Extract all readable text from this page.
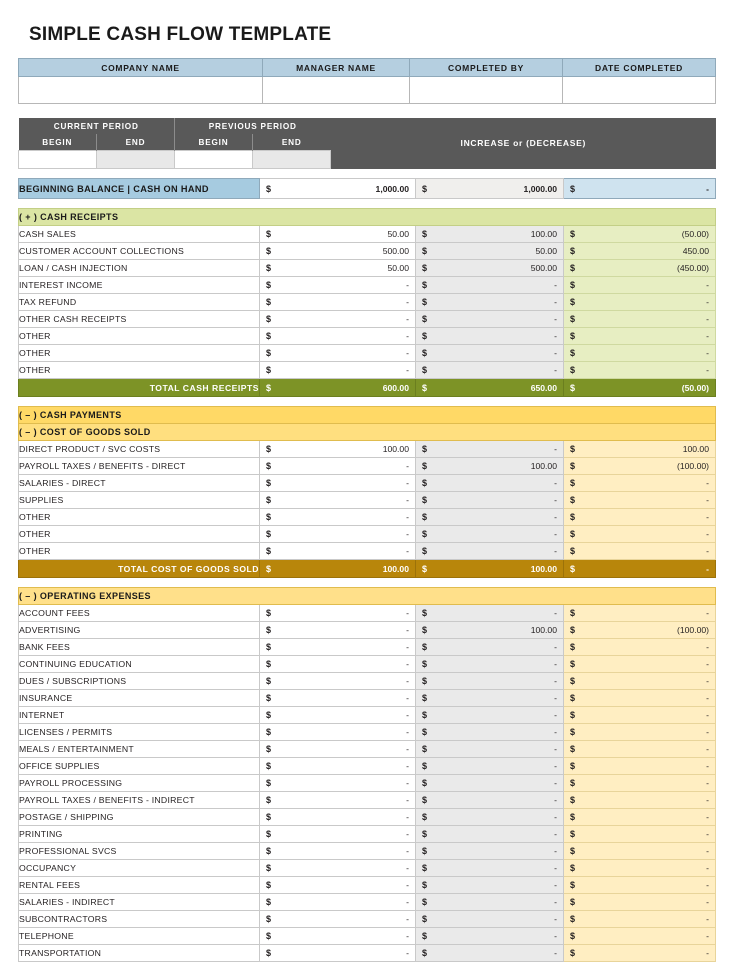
SIMPLE CASH FLOW TEMPLATE
COMPANY NAME	MANAGER NAME	COMPLETED BY	DATE COMPLETED

CURRENT PERIOD		PREVIOUS PERIOD		INCREASE or (DECREASE)
BEGIN	END	BEGIN	END	

BEGINNING BALANCE | CASH ON HAND	$	1,000.00	$	1,000.00	$	-
( + ) CASH RECEIPTS			
CASH SALES	$ 50.00	$ 100.00	$ (50.00)

CUSTOMER ACCOUNT COLLECTIONS	$ 500.00	$ 50.00	$ 450.00

LOAN / CASH INJECTION	$ 50.00	$ 500.00	$ (450.00)

INTEREST INCOME	$ -	$ -	$ -

TAX REFUND	$ -	$ -	$ -

OTHER CASH RECEIPTS	$ -	$ -	$ -

OTHER	$ -	$ -	$ -

OTHER	$ -	$ -	$ -

OTHER	$ -	$ -	$ -

TOTAL CASH RECEIPTS	$ 600.00	$ 650.00	$ (50.00)
( – ) CASH PAYMENTS			
( – ) COST OF GOODS SOLD			
DIRECT PRODUCT / SVC COSTS	$ 100.00	$ -	$ 100.00

PAYROLL TAXES / BENEFITS - DIRECT	$ -	$ 100.00	$ (100.00)

SALARIES - DIRECT	$ -	$ -	$ -

SUPPLIES	$ -	$ -	$ -

OTHER	$ -	$ -	$ -

OTHER	$ -	$ -	$ -

OTHER	$ -	$ -	$ -

TOTAL COST OF GOODS SOLD	$ 100.00	$ 100.00	$ -
( – ) OPERATING EXPENSES			
ACCOUNT FEES	$ -	$ -	$ -

ADVERTISING	$ -	$ 100.00	$ (100.00)

BANK FEES	$ -	$ -	$ -

CONTINUING EDUCATION	$ -	$ -	$ -

DUES / SUBSCRIPTIONS	$ -	$ -	$ -

INSURANCE	$ -	$ -	$ -

INTERNET	$ -	$ -	$ -

LICENSES / PERMITS	$ -	$ -	$ -

MEALS / ENTERTAINMENT	$ -	$ -	$ -

OFFICE SUPPLIES	$ -	$ -	$ -

PAYROLL PROCESSING	$ -	$ -	$ -

PAYROLL TAXES / BENEFITS - INDIRECT	$ -	$ -	$ -

POSTAGE / SHIPPING	$ -	$ -	$ -

PRINTING	$ -	$ -	$ -

PROFESSIONAL SVCS	$ -	$ -	$ -

OCCUPANCY	$ -	$ -	$ -

RENTAL FEES	$ -	$ -	$ -

SALARIES - INDIRECT	$ -	$ -	$ -

SUBCONTRACTORS	$ -	$ -	$ -

TELEPHONE	$ -	$ -	$ -

TRANSPORTATION	$ -	$ -	$ -
